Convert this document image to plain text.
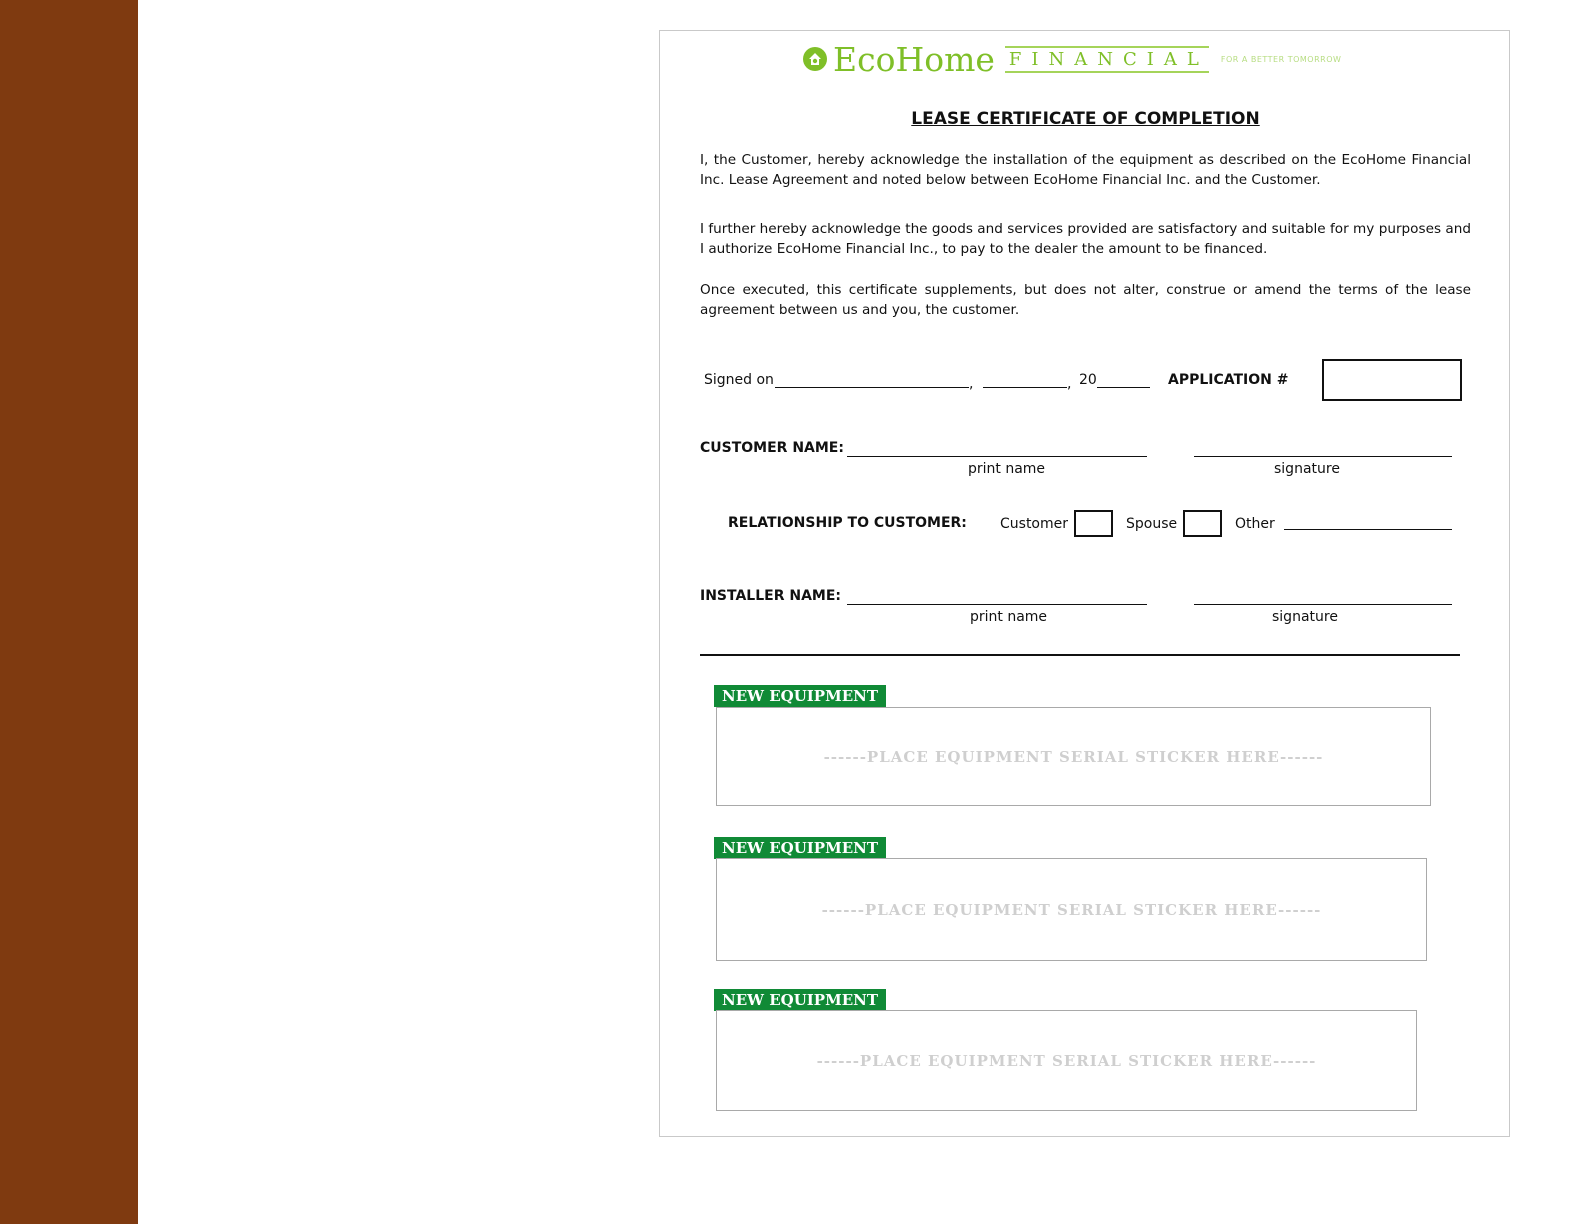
EcoHome FINANCIAL FOR A BETTER TOMORROW
LEASE CERTIFICATE OF COMPLETION
I, the Customer, hereby acknowledge the installation of the equipment as described on the EcoHome Financial Inc. Lease Agreement and noted below between EcoHome Financial Inc. and the Customer.
I further hereby acknowledge the goods and services provided are satisfactory and suitable for my purposes and I authorize EcoHome Financial Inc., to pay to the dealer the amount to be financed.
Once executed, this certificate supplements, but does not alter, construe or amend the terms of the lease agreement between us and you, the customer.
Signed on	,	, 20	APPLICATION #
CUSTOMER NAME:
print name	signature
RELATIONSHIP TO CUSTOMER: Customer	Spouse	Other
INSTALLER NAME:
print name	signature
NEW EQUIPMENT
------PLACE EQUIPMENT SERIAL STICKER HERE------
NEW EQUIPMENT
------PLACE EQUIPMENT SERIAL STICKER HERE------
NEW EQUIPMENT
------PLACE EQUIPMENT SERIAL STICKER HERE------
